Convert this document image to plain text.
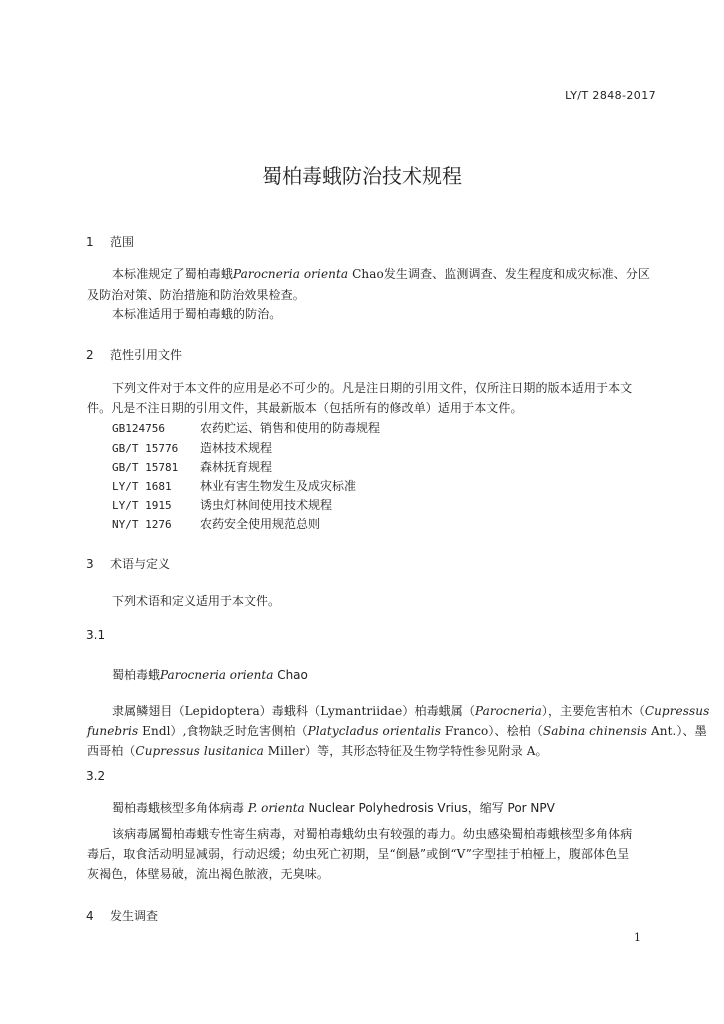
LY/T 2848-2017
蜀柏毒蛾防治技术规程
1 范围
本标准规定了蜀柏毒蛾Parocneria orienta Chao发生调查、监测调查、发生程度和成灾标准、分区
及防治对策、防治措施和防治效果检查。
本标准适用于蜀柏毒蛾的防治。
2 范性引用文件
下列文件对于本文件的应用是必不可少的。凡是注日期的引用文件，仅所注日期的版本适用于本文
件。凡是不注日期的引用文件，其最新版本（包括所有的修改单）适用于本文件。
GB124756	农药贮运、销售和使用的防毒规程
GB/T 15776 造林技术规程
GB/T 15781 森林抚育规程
LY/T 1681 林业有害生物发生及成灾标准
LY/T 1915 诱虫灯林间使用技术规程
NY/T 1276 农药安全使用规范总则
3 术语与定义
下列术语和定义适用于本文件。
3.1
蜀柏毒蛾Parocneria orienta Chao
隶属鳞翅目（Lepidoptera）毒蛾科（Lymantriidae）柏毒蛾属（Parocneria），主要危害柏木（Cupressus
funebris Endl）,食物缺乏时危害侧柏（Platycladus orientalis Franco）、桧柏（Sabina chinensis Ant.）、墨
西哥柏（Cupressus lusitanica Miller）等，其形态特征及生物学特性参见附录 A。
3.2
蜀柏毒蛾核型多角体病毒 P. orienta Nuclear Polyhedrosis Vrius，缩写 Por NPV
该病毒属蜀柏毒蛾专性寄生病毒，对蜀柏毒蛾幼虫有较强的毒力。幼虫感染蜀柏毒蛾核型多角体病
毒后，取食活动明显减弱，行动迟缓；幼虫死亡初期，呈“倒悬”或倒“V”字型挂于柏桠上，腹部体色呈
灰褐色，体壁易破，流出褐色脓液，无臭味。
4 发生调查
1
